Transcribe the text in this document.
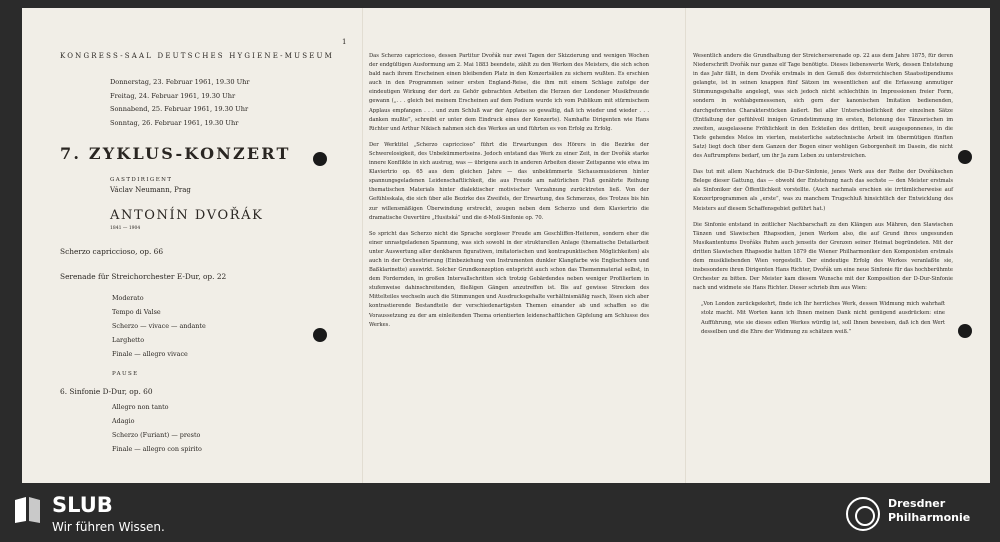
KONGRESS-SAAL DEUTSCHES HYGIENE-MUSEUM
Donnerstag, 23. Februar 1961, 19.30 Uhr
Freitag, 24. Februar 1961, 19.30 Uhr
Sonnabend, 25. Februar 1961, 19.30 Uhr
Sonntag, 26. Februar 1961, 19.30 Uhr
7. ZYKLUS-KONZERT
GASTDIRIGENT
Václav Neumann, Prag
ANTONÍN DVOŘÁK
1841 — 1904
Scherzo capriccioso, op. 66
Serenade für Streichorchester E-Dur, op. 22
Moderato
Tempo di Valse
Scherzo — vivace — andante
Larghetto
Finale — allegro vivace
PAUSE
6. Sinfonie D-Dur, op. 60
Allegro non tanto
Adagio
Scherzo (Furiant) — presto
Finale — allegro con spirito
1

Das Scherzo capriccioso, dessen Partitur Dvořák nur zwei Tagen der Skizzierung und wenigen Wochen der endgültigen Ausformung am 2. Mai 1883 beendete, zählt zu den Werken des Meisters, die sich schon bald nach ihrem Erscheinen einen bleibenden Platz in den Konzertsälen zu sichern wußten. Es erschien auch in den Programmen seiner ersten England-Reise, die ihm mit einem Schlage zufolge der eindeutigen Wirkung der dort zu Gehör gebrachten Arbeiten die Herzen der Londoner Musikfreunde gewann („. . . gleich bei meinem Erscheinen auf dem Podium wurde ich vom Publikum mit stürmischem Applaus empfangen . . . und zum Schluß war der Applaus so gewaltig, daß ich wieder und wieder . . . danken mußte”, schreibt er unter dem Eindruck eines der Konzerte). Namhafte Dirigenten wie Hans Richter und Arthur Nikisch nahmen sich des Werkes an und führten es von Erfolg zu Erfolg.

Der Werktitel „Scherzo capriccioso” führt die Erwartungen des Hörers in die Bezirke der Schwerelosigkeit, des Unbekümmertseins. Jedoch entstand das Werk zu einer Zeit, in der Dvořák starke innere Konflikte in sich austrug, was — übrigens auch in anderen Arbeiten dieser Zeitspanne wie etwa im Klaviertrio op. 65 aus dem gleichen Jahre — das unbekümmerte Sichausmusizieren hinter spannungsgeladenen Leidenschaftlichkeit, die aus Freude am natürlichen Fluß genährte Reihung thematischen Materials hinter dialektischer motivischer Verzahnung zurücktreten ließ. Von der Gefühlsskala, die sich über alle Bezirke des Zweifels, der Erwartung, des Schmerzes, des Trotzes bis hin zur willensmäßigen Überwindung erstreckt, zeugen neben dem Scherzo und dem Klaviertrio die dramatische Ouvertüre „Husitská” und die d-Moll-Sinfonie op. 70.

So spricht das Scherzo nicht die Sprache sorgloser Freude am Geschliffen-Heiteren, sondern eher die einer unrastgeladenen Spannung, was sich sowohl in der strukturellen Anlage (thematische Detailarbeit unter Auswertung aller denkbaren figurativen, imitatorischen und kontrapunktischen Möglichkeiten) als auch in der Orchestrierung (Einbeziehung von Instrumenten dunkler Klangfarbe wie Englischhorn und Baßklarinette) auswirkt. Solcher Grundkonzeption entspricht auch schon das Themenmaterial selbst, in dem Fordernden, in großen Intervallschritten sich trotzig Gebärdendes neben weniger Profiliertem in stufenweise dahinschreitenden, fließigen Gängen anzutreffen ist. Bis auf gewisse Strecken des Mittelteiles wechseln auch die Stimmungen und Ausdrucksgehalte verhältnismäßig rasch, lösen sich aber kontrastierende Bestandteile der verschiedenartigsten Themen einander ab und schaffen so die Voraussetzung zu der am einleitenden Thema orientierten leidenschaftlichen Gipfelung am Schlusse des Werkes.

Wesentlich anders die Grundhaltung der Streicherserenade op. 22 aus dem Jahre 1875, für deren Niederschrift Dvořák nur ganze elf Tage benötigte. Dieses liebenswerte Werk, dessen Entstehung in das Jahr fällt, in dem Dvořák erstmals in den Genuß des österreichischen Staatsstipendiums gelangte, ist in seinen knappen fünf Sätzen im wesentlichen auf die Erfassung anmutiger Stimmungsgehalte angelegt, was sich jedoch nicht schlechthin in Impressionen freier Form, sondern in wohlabgemessenen, sich gern der kanonischen Imitation bedienenden, durchgeformten Charakterstücken äußert. Bei aller Unterschiedlichkeit der einzelnen Sätze (Entfaltung der gefühlvoll innigen Grundstimmung im ersten, Betonung des Tänzerischen im zweiten, ausgelassene Fröhlichkeit in den Eckteilen des dritten, breit ausgesponnenes, in die Tiefe gehendes Melos im vierten, meisterliche satztechnische Arbeit im übermütigen fünften Satz) liegt doch über dem Ganzen der Bogen einer wohligen Geborgenheit im Dasein, die nicht des Auftrumpfens bedarf, um ihr Ja zum Leben zu unterstreichen.

Das tut mit allem Nachdruck die D-Dur-Sinfonie, jenes Werk aus der Reihe der Dvořákschen Belege dieser Gattung, das — obwohl der Entstehung nach das sechste — den Meister erstmals als Sinfoniker der Öffentlichkeit vorstellte. (Auch nachmals erschien sie irrtümlicherweise auf Konzertprogrammen als „erste”, was zu manchem Trugschluß hinsichtlich der Entwicklung des Meisters auf diesem Schaffensgebiet geführt hat.)

Die Sinfonie entstand in zeitlicher Nachbarschaft zu den Klängen aus Mähren, den Slawischen Tänzen und Slawischen Rhapsodien, jenen Werken also, die auf Grund ihres ungesunden Musikantentums Dvořáks Ruhm auch jenseits der Grenzen seiner Heimat begründeten. Mit der dritten Slawischen Rhapsodie hatten 1879 die Wiener Philharmoniker den Komponisten erstmals dem musikliebenden Wien vorgestellt. Der eindeutige Erfolg des Werkes veranlaßte sie, insbesondere ihren Dirigenten Hans Richter, Dvořák um eine neue Sinfonie für das hochberühmte Orchester zu bitten. Der Meister kam diesem Wunsche mit der Komposition der D-Dur-Sinfonie nach und widmete sie Hans Richter. Dieser schrieb ihm aus Wien:

„Von London zurückgekehrt, finde ich Ihr herrliches Werk, dessen Widmung mich wahrhaft stolz macht. Mit Worten kann ich Ihnen meinen Dank nicht genügend ausdrücken: eine Aufführung, wie sie dieses edlen Werkes würdig ist, soll Ihnen beweisen, daß ich den Wert desselben und die Ehre der Widmung zu schätzen weiß.”

SLUB
Wir führen Wissen.
Dresdner
Philharmonie
